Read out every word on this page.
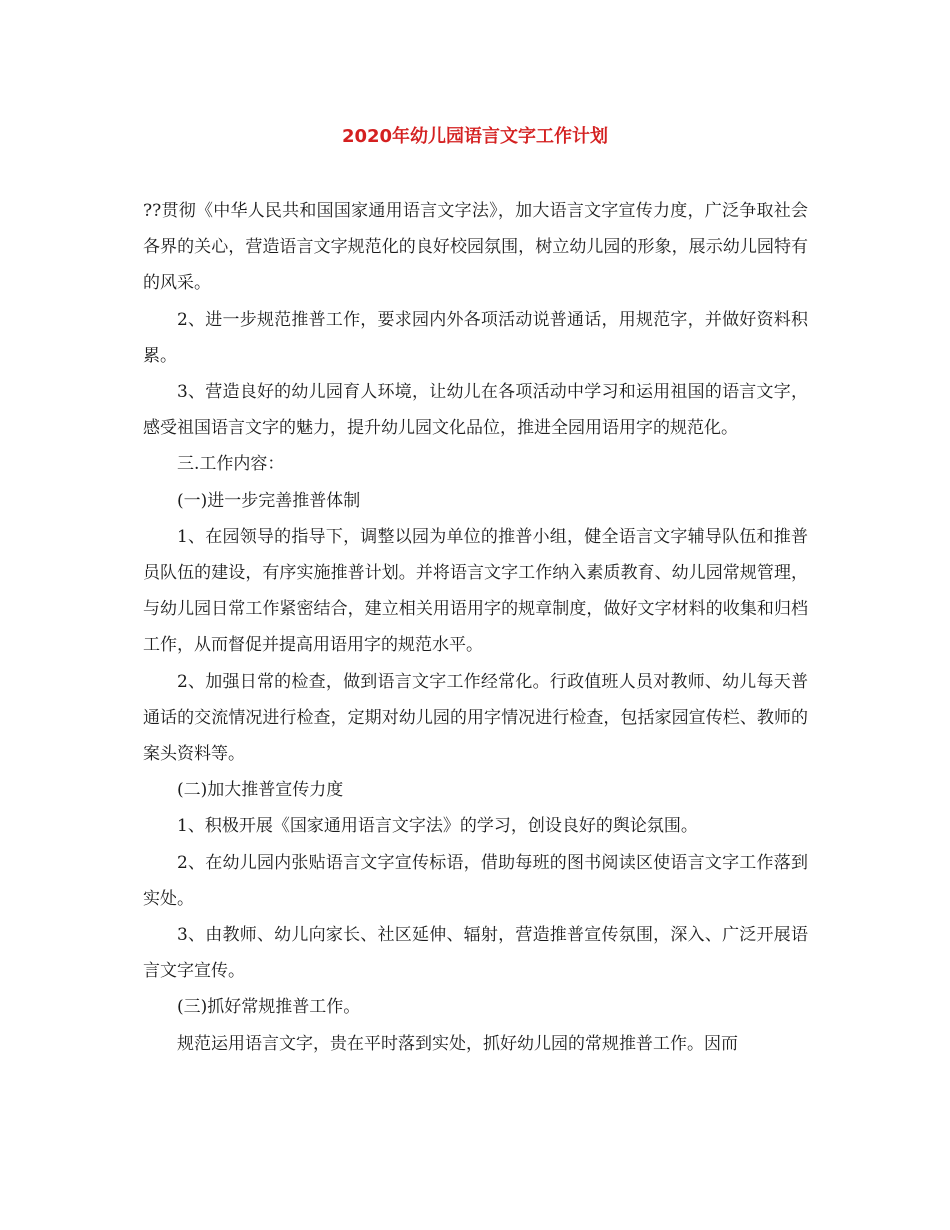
2020年幼儿园语言文字工作计划

??贯彻《中华人民共和国国家通用语言文字法》，加大语言文字宣传力度，广泛争取社会各界的关心，营造语言文字规范化的良好校园氛围，树立幼儿园的形象，展示幼儿园特有的风采。

2、进一步规范推普工作，要求园内外各项活动说普通话，用规范字，并做好资料积累。

3、营造良好的幼儿园育人环境，让幼儿在各项活动中学习和运用祖国的语言文字，感受祖国语言文字的魅力，提升幼儿园文化品位，推进全园用语用字的规范化。

三.工作内容：

(一)进一步完善推普体制

1、在园领导的指导下，调整以园为单位的推普小组，健全语言文字辅导队伍和推普员队伍的建设，有序实施推普计划。并将语言文字工作纳入素质教育、幼儿园常规管理，与幼儿园日常工作紧密结合，建立相关用语用字的规章制度，做好文字材料的收集和归档工作，从而督促并提高用语用字的规范水平。

2、加强日常的检查，做到语言文字工作经常化。行政值班人员对教师、幼儿每天普通话的交流情况进行检查，定期对幼儿园的用字情况进行检查，包括家园宣传栏、教师的案头资料等。

(二)加大推普宣传力度

1、积极开展《国家通用语言文字法》的学习，创设良好的舆论氛围。

2、在幼儿园内张贴语言文字宣传标语，借助每班的图书阅读区使语言文字工作落到实处。

3、由教师、幼儿向家长、社区延伸、辐射，营造推普宣传氛围，深入、广泛开展语言文字宣传。

(三)抓好常规推普工作。

规范运用语言文字，贵在平时落到实处，抓好幼儿园的常规推普工作。因而
